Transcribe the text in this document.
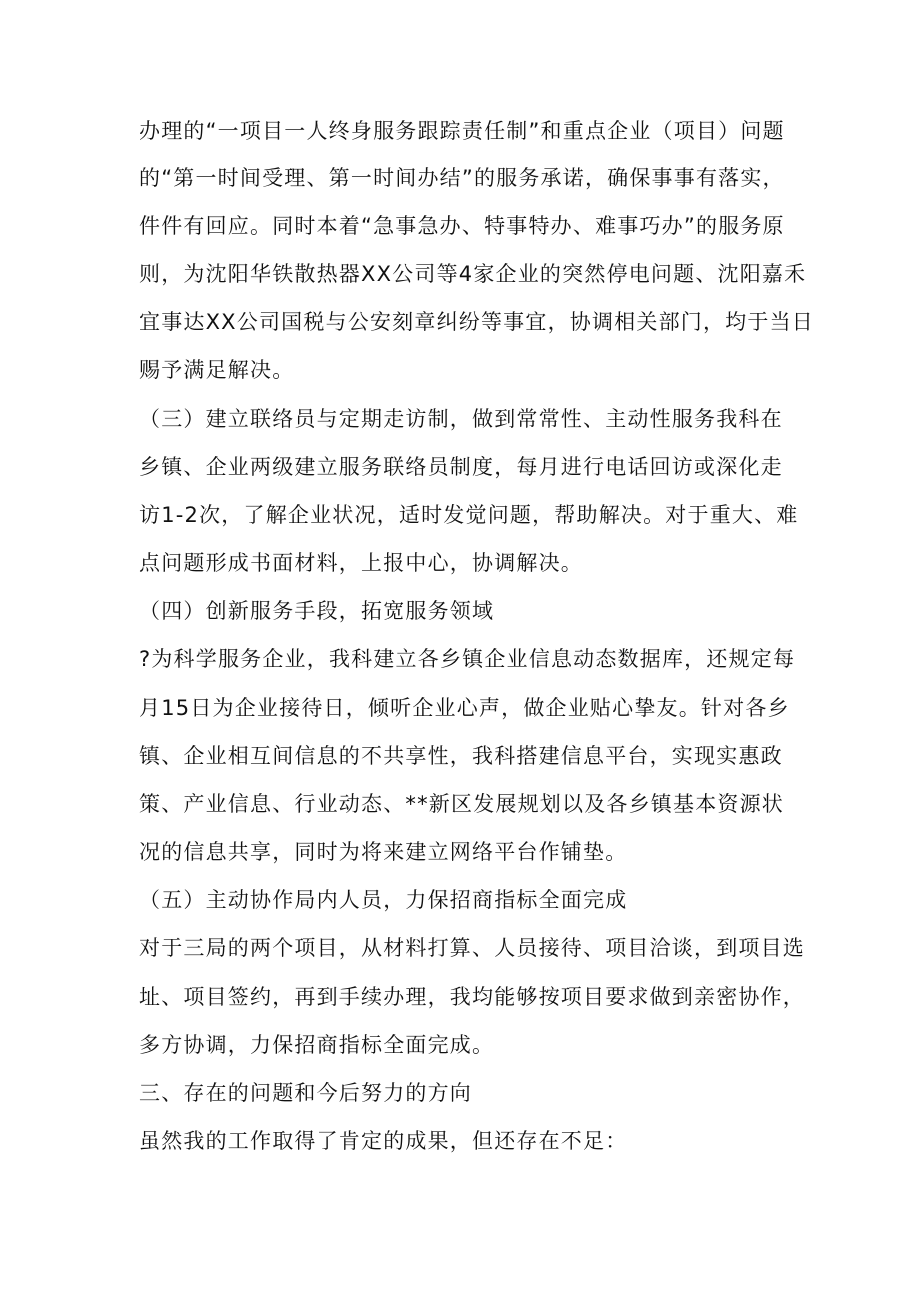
办理的“一项目一人终身服务跟踪责任制”和重点企业（项目）问题
的“第一时间受理、第一时间办结”的服务承诺，确保事事有落实，
件件有回应。同时本着“急事急办、特事特办、难事巧办”的服务原
则，为沈阳华铁散热器XX公司等4家企业的突然停电问题、沈阳嘉禾
宜事达XX公司国税与公安刻章纠纷等事宜，协调相关部门，均于当日
赐予满足解决。
（三）建立联络员与定期走访制，做到常常性、主动性服务我科在
乡镇、企业两级建立服务联络员制度，每月进行电话回访或深化走
访1-2次，了解企业状况，适时发觉问题，帮助解决。对于重大、难
点问题形成书面材料，上报中心，协调解决。
（四）创新服务手段，拓宽服务领域
?为科学服务企业，我科建立各乡镇企业信息动态数据库，还规定每
月15日为企业接待日，倾听企业心声，做企业贴心挚友。针对各乡
镇、企业相互间信息的不共享性，我科搭建信息平台，实现实惠政
策、产业信息、行业动态、**新区发展规划以及各乡镇基本资源状
况的信息共享，同时为将来建立网络平台作铺垫。
（五）主动协作局内人员，力保招商指标全面完成
对于三局的两个项目，从材料打算、人员接待、项目洽谈，到项目选
址、项目签约，再到手续办理，我均能够按项目要求做到亲密协作，
多方协调，力保招商指标全面完成。
三、存在的问题和今后努力的方向
虽然我的工作取得了肯定的成果，但还存在不足：
